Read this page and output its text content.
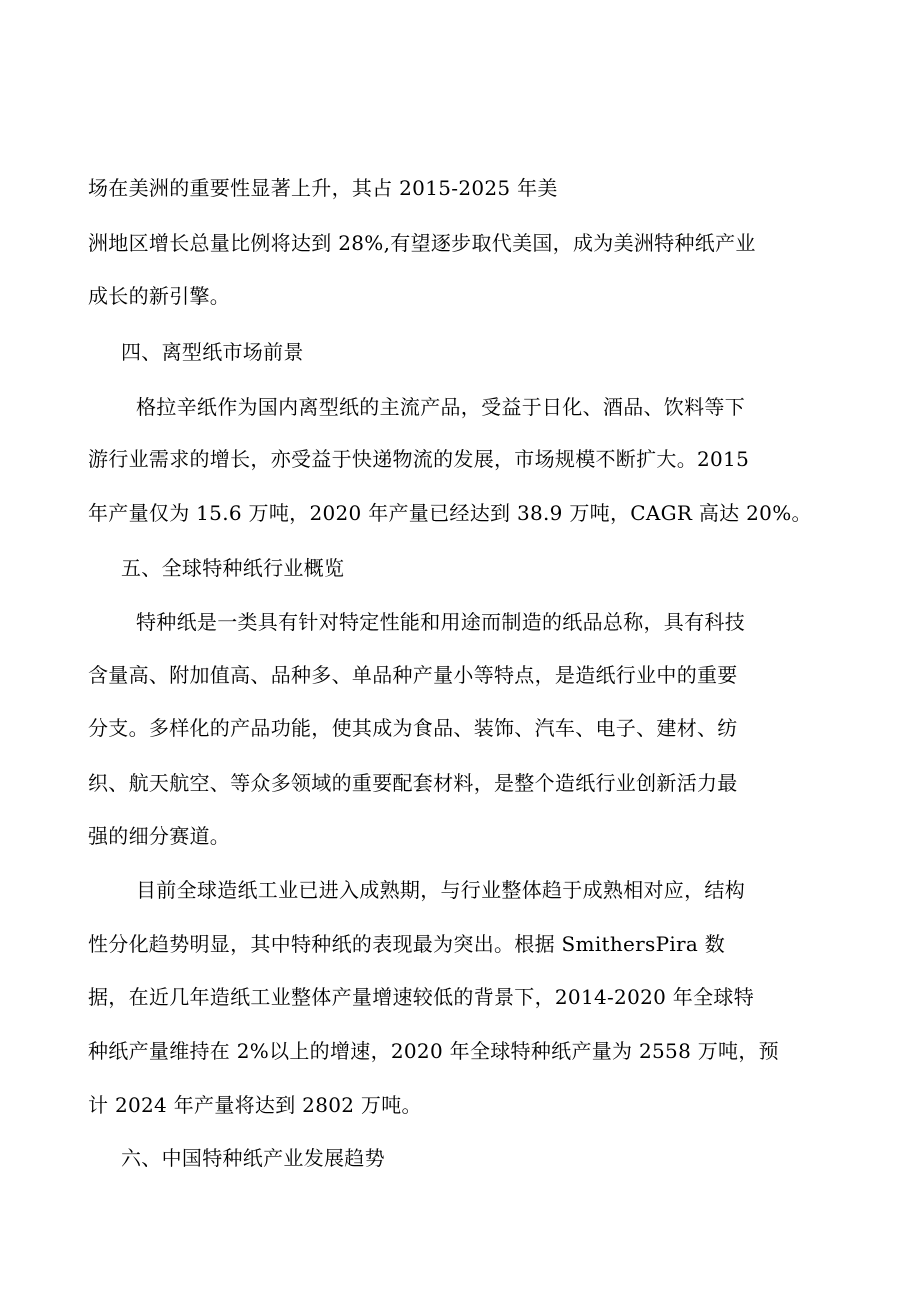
场在美洲的重要性显著上升，其占 2015-2025 年美
洲地区增长总量比例将达到 28%,有望逐步取代美国，成为美洲特种纸产业
成长的新引擎。
四、离型纸市场前景
格拉辛纸作为国内离型纸的主流产品，受益于日化、酒品、饮料等下
游行业需求的增长，亦受益于快递物流的发展，市场规模不断扩大。2015
年产量仅为 15.6 万吨，2020 年产量已经达到 38.9 万吨，CAGR 高达 20%。
五、全球特种纸行业概览
特种纸是一类具有针对特定性能和用途而制造的纸品总称，具有科技
含量高、附加值高、品种多、单品种产量小等特点，是造纸行业中的重要
分支。多样化的产品功能，使其成为食品、装饰、汽车、电子、建材、纺
织、航天航空、等众多领域的重要配套材料，是整个造纸行业创新活力最
强的细分赛道。
目前全球造纸工业已进入成熟期，与行业整体趋于成熟相对应，结构
性分化趋势明显，其中特种纸的表现最为突出。根据 SmithersPira 数
据，在近几年造纸工业整体产量增速较低的背景下，2014-2020 年全球特
种纸产量维持在 2%以上的增速，2020 年全球特种纸产量为 2558 万吨，预
计 2024 年产量将达到 2802 万吨。
六、中国特种纸产业发展趋势
